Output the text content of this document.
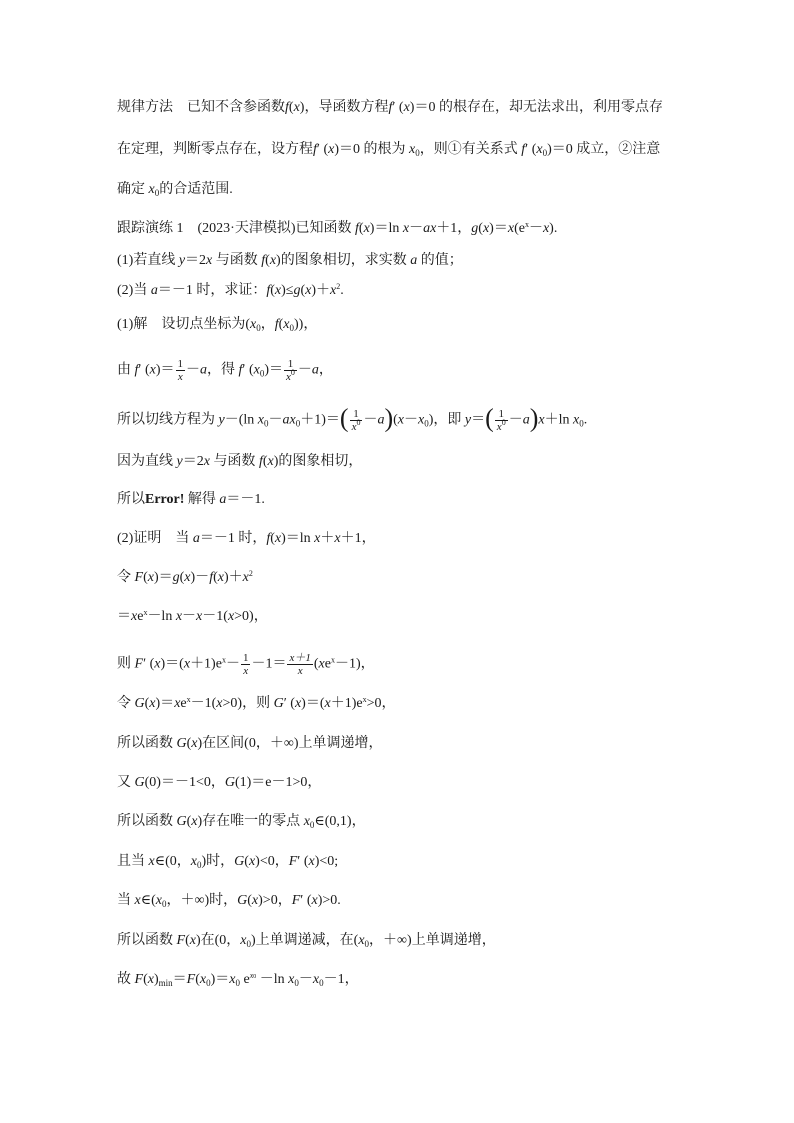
规律方法　已知不含参函数f(x)，导函数方程f′ (x)＝0 的根存在，却无法求出，利用零点存
在定理，判断零点存在，设方程f′ (x)＝0 的根为 $x_0$，则①有关系式 f′ $(x_0)=0$ 成立，②注意
确定 $x_0$的合适范围.
跟踪演练 1　(2023·天津模拟)已知函数 f(x)＝ln x－ax＋1，$g(x)=x(e^x-x)$.
(1)若直线 y＝2x 与函数 f(x)的图象相切，求实数 a 的值；
(2)当 a＝－1 时，求证：$f(x)\le g(x)+x^2$.
(1)解　设切点坐标为($x_0$，$f(x_0)$)，
由 f′ $(x)= \frac{1}{x} -a$，得 f′ $(x_0)= \frac{1}{x^0} -a$，
所以切线方程为 y－(ln $x_0-ax_0+1)=( \frac{1}{x^0} -a)(x-x_0)$，即 $y=( \frac{1}{x^0} -a)x+\ln$ $x_0$.
因为直线 y＝2x 与函数 f(x)的图象相切，
所以Error! 解得 a＝－1.
(2)证明　当 a＝－1 时，f(x)＝ln x＋x＋1，
令 $F(x)=g(x)-f(x)+x^2$
$=xe^x-\ln$ x－x－1(x>0)，
则 F′ $(x)=(x+1)e^x- \frac{1}{x} -1= \frac{x+1}{x} (xe^x-1)$，
令 $G(x)=xe^x-1(x>0)$，则 G′ $(x)=(x+1)e^x>0$，
所以函数 G(x)在区间(0，＋∞)上单调递增，
又 G(0)＝－1<0，G(1)＝e－1>0，
所以函数 G(x)存在唯一的零点 $x_0\in(0,1)$，
且当 x∈(0，$x_0$)时，G(x)<0，F′ (x)<0;
当 $x\in(x_0$，＋∞)时，G(x)>0，F′ (x)>0.
所以函数 F(x)在(0，$x_0$)上单调递减，在($x_0$，＋∞)上单调递增，
故 $F(x)_{min}=F(x_0)=x_0$ $e^{x0} -\ln$ $x_0-x_0-1$，
